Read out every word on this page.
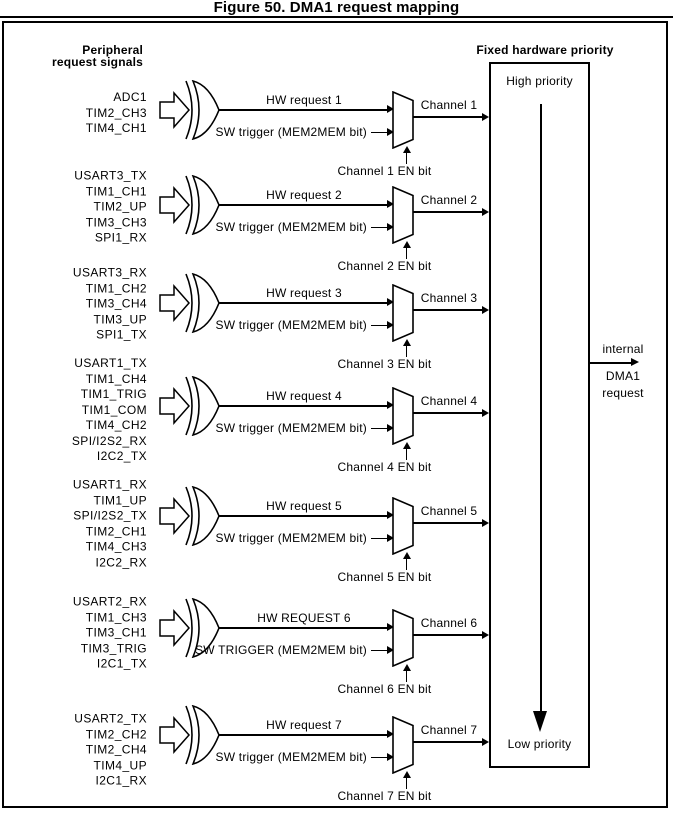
Figure 50. DMA1 request mapping
Peripheral
request signals
Fixed hardware priority
High priority
Low priority
internal
DMA1
request
ADC1
TIM2_CH3
TIM4_CH1
HW request 1
SW trigger (MEM2MEM bit)
Channel 1
Channel 1 EN bit
USART3_TX
TIM1_CH1
TIM2_UP
TIM3_CH3
SPI1_RX
HW request 2
SW trigger (MEM2MEM bit)
Channel 2
Channel 2 EN bit
USART3_RX
TIM1_CH2
TIM3_CH4
TIM3_UP
SPI1_TX
HW request 3
SW trigger (MEM2MEM bit)
Channel 3
Channel 3 EN bit
USART1_TX
TIM1_CH4
TIM1_TRIG
TIM1_COM
TIM4_CH2
SPI/I2S2_RX
I2C2_TX
HW request 4
SW trigger (MEM2MEM bit)
Channel 4
Channel 4 EN bit
USART1_RX
TIM1_UP
SPI/I2S2_TX
TIM2_CH1
TIM4_CH3
I2C2_RX
HW request 5
SW trigger (MEM2MEM bit)
Channel 5
Channel 5 EN bit
USART2_RX
TIM1_CH3
TIM3_CH1
TIM3_TRIG
I2C1_TX
HW REQUEST 6
SW TRIGGER (MEM2MEM bit)
Channel 6
Channel 6 EN bit
USART2_TX
TIM2_CH2
TIM2_CH4
TIM4_UP
I2C1_RX
HW request 7
SW trigger (MEM2MEM bit)
Channel 7
Channel 7 EN bit
